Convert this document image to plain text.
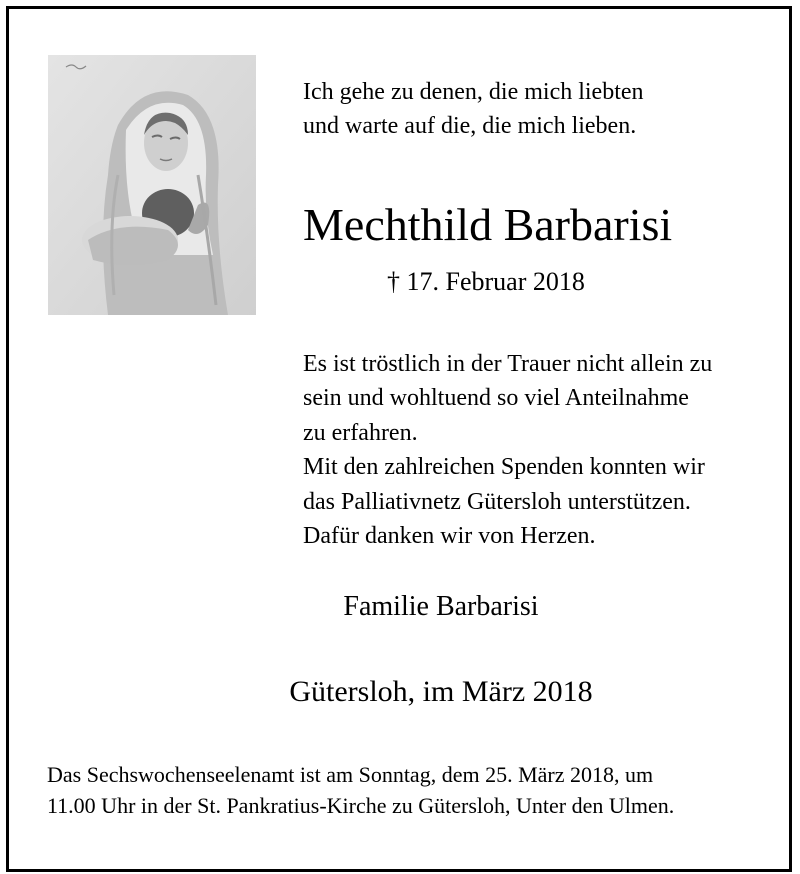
Ich gehe zu denen, die mich liebten
und warte auf die, die mich lieben.
Mechthild Barbarisi
† 17. Februar 2018
Es ist tröstlich in der Trauer nicht allein zu
sein und wohltuend so viel Anteilnahme
zu erfahren.
Mit den zahlreichen Spenden konnten wir
das Palliativnetz Gütersloh unterstützen.
Dafür danken wir von Herzen.
Familie Barbarisi
Gütersloh, im März 2018
Das Sechswochenseelenamt ist am Sonntag, dem 25. März 2018, um
11.00 Uhr in der St. Pankratius-Kirche zu Gütersloh, Unter den Ulmen.
